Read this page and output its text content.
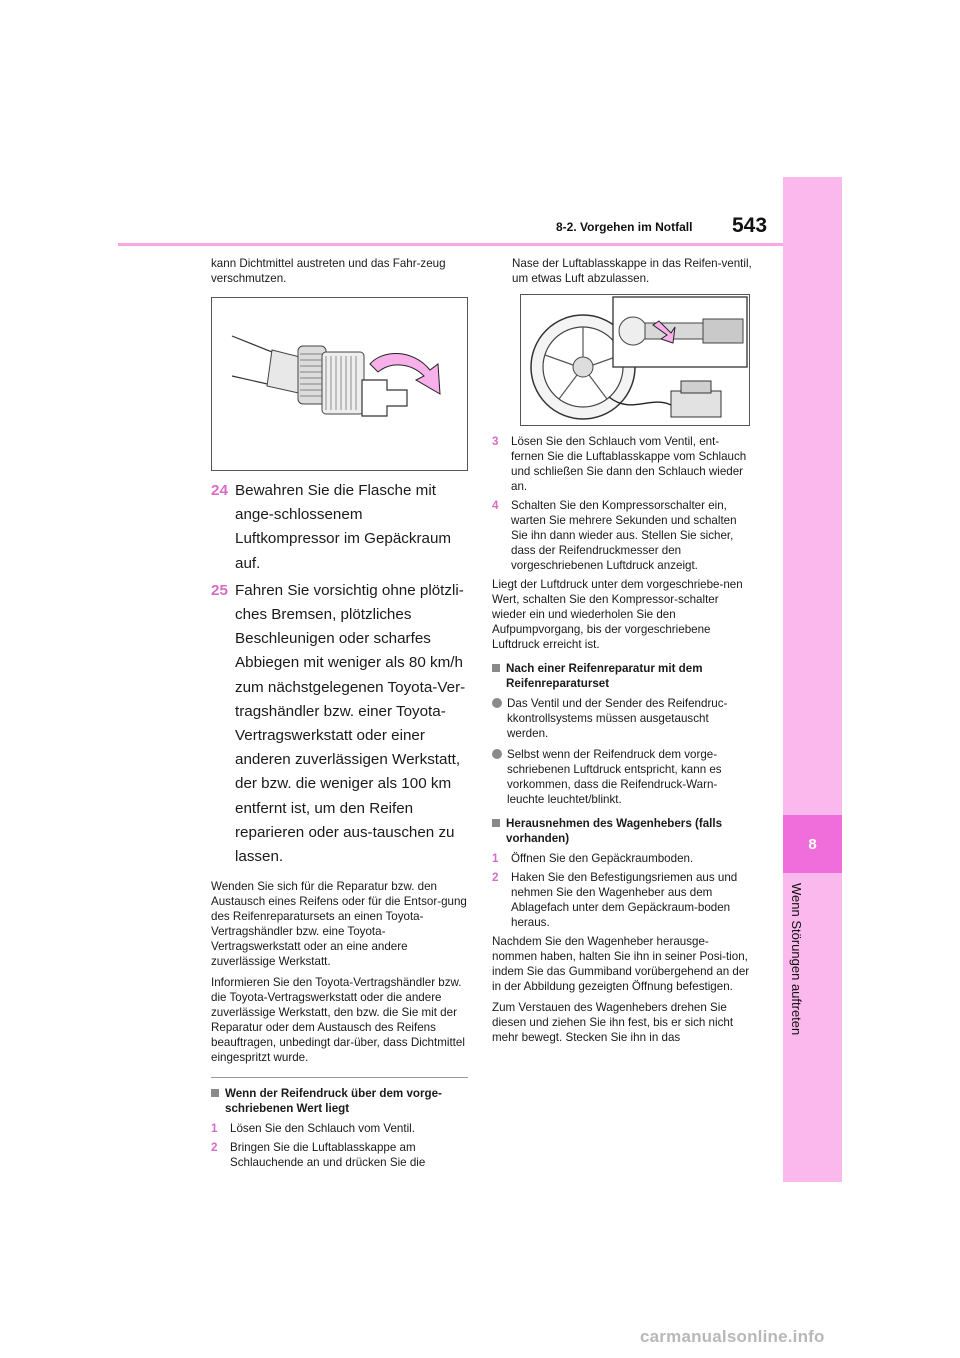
8
Wenn Störungen auftreten
8-2. Vorgehen im Notfall 543

kann Dichtmittel austreten und das Fahr-zeug verschmutzen.

24 Bewahren Sie die Flasche mit ange-schlossenem Luftkompressor im Gepäckraum auf.
25 Fahren Sie vorsichtig ohne plötzli-ches Bremsen, plötzliches Beschleunigen oder scharfes Abbiegen mit weniger als 80 km/h zum nächstgelegenen Toyota-Ver-tragshändler bzw. einer Toyota-Vertragswerkstatt oder einer anderen zuverlässigen Werkstatt, der bzw. die weniger als 100 km entfernt ist, um den Reifen reparieren oder aus-tauschen zu lassen.

Wenden Sie sich für die Reparatur bzw. den Austausch eines Reifens oder für die Entsor-gung des Reifenreparatursets an einen Toyota-Vertragshändler bzw. eine Toyota-Vertragswerkstatt oder an eine andere zuverlässige Werkstatt.

Informieren Sie den Toyota-Vertragshändler bzw. die Toyota-Vertragswerkstatt oder die andere zuverlässige Werkstatt, den bzw. die Sie mit der Reparatur oder dem Austausch des Reifens beauftragen, unbedingt dar-über, dass Dichtmittel eingespritzt wurde.

Wenn der Reifendruck über dem vorge-schriebenen Wert liegt
1	Lösen Sie den Schlauch vom Ventil.
2	Bringen Sie die Luftablasskappe am Schlauchende an und drücken Sie die

Nase der Luftablasskappe in das Reifen-ventil, um etwas Luft abzulassen.

3	Lösen Sie den Schlauch vom Ventil, ent-fernen Sie die Luftablasskappe vom Schlauch und schließen Sie dann den Schlauch wieder an.
4	Schalten Sie den Kompressorschalter ein, warten Sie mehrere Sekunden und schalten Sie ihn dann wieder aus. Stellen Sie sicher, dass der Reifendruckmesser den vorgeschriebenen Luftdruck anzeigt.

Liegt der Luftdruck unter dem vorgeschriebe-nen Wert, schalten Sie den Kompressor-schalter wieder ein und wiederholen Sie den Aufpumpvorgang, bis der vorgeschriebene Luftdruck erreicht ist.

Nach einer Reifenreparatur mit dem Reifenreparaturset
Das Ventil und der Sender des Reifendruc-kkontrollsystems müssen ausgetauscht werden.
Selbst wenn der Reifendruck dem vorge-schriebenen Luftdruck entspricht, kann es vorkommen, dass die Reifendruck-Warn-leuchte leuchtet/blinkt.
Herausnehmen des Wagenhebers (falls vorhanden)
1	Öffnen Sie den Gepäckraumboden.
2	Haken Sie den Befestigungsriemen aus und nehmen Sie den Wagenheber aus dem Ablagefach unter dem Gepäckraum-boden heraus.

Nachdem Sie den Wagenheber herausge-nommen haben, halten Sie ihn in seiner Posi-tion, indem Sie das Gummiband vorübergehend an der in der Abbildung gezeigten Öffnung befestigen.

Zum Verstauen des Wagenhebers drehen Sie diesen und ziehen Sie ihn fest, bis er sich nicht mehr bewegt. Stecken Sie ihn in das

carmanualsonline.info
